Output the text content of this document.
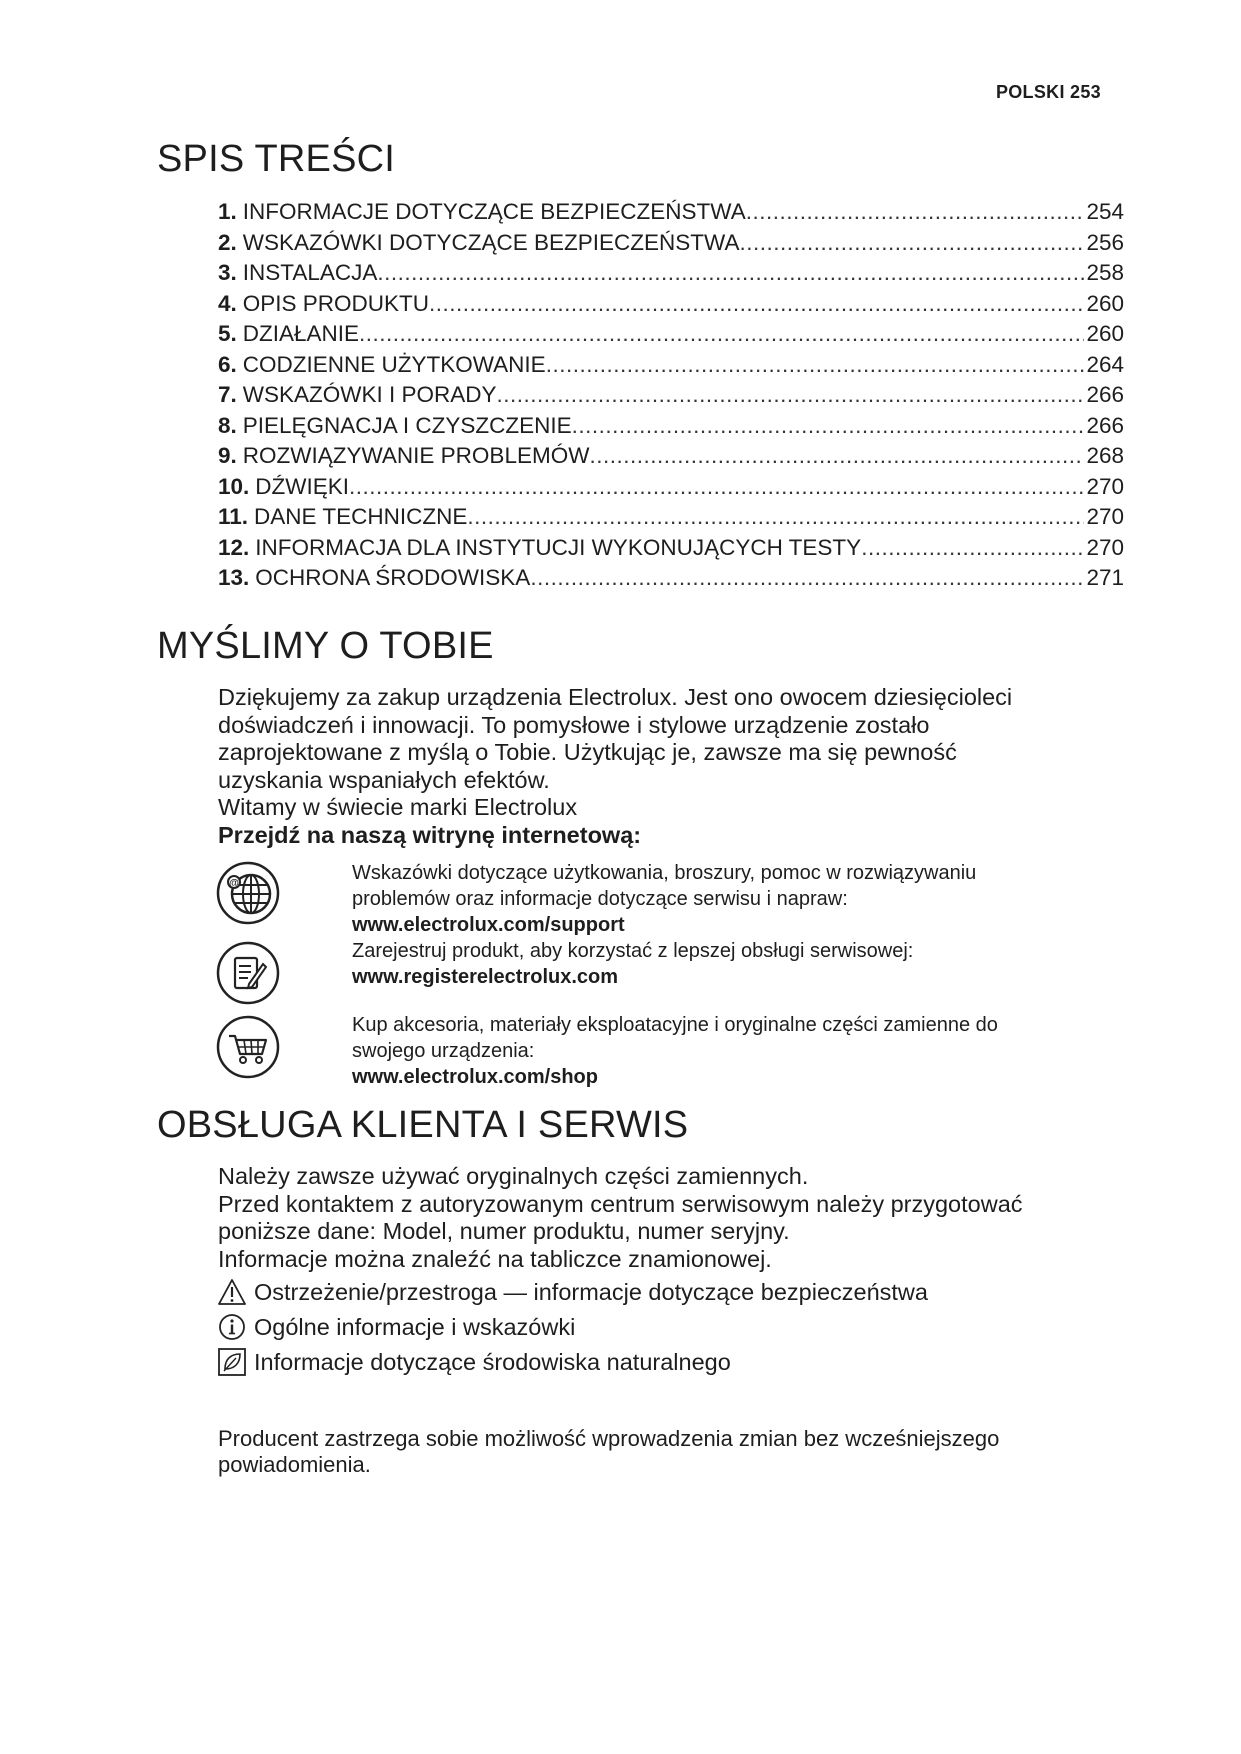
POLSKI 253
SPIS TREŚCI
1. INFORMACJE DOTYCZĄCE BEZPIECZEŃSTWA .....	254
2. WSKAZÓWKI DOTYCZĄCE BEZPIECZEŃSTWA .....	256
3. INSTALACJA .....	258
4. OPIS PRODUKTU .....	260
5. DZIAŁANIE .....	260
6. CODZIENNE UŻYTKOWANIE .....	264
7. WSKAZÓWKI I PORADY .....	266
8. PIELĘGNACJA I CZYSZCZENIE .....	266
9. ROZWIĄZYWANIE PROBLEMÓW .....	268
10. DŹWIĘKI .....	270
11. DANE TECHNICZNE .....	270
12. INFORMACJA DLA INSTYTUCJI WYKONUJĄCYCH TESTY .....	270
13. OCHRONA ŚRODOWISKA .....	271
MYŚLIMY O TOBIE
Dziękujemy za zakup urządzenia Electrolux. Jest ono owocem dziesięcioleci
doświadczeń i innowacji. To pomysłowe i stylowe urządzenie zostało
zaprojektowane z myślą o Tobie. Użytkując je, zawsze ma się pewność
uzyskania wspaniałych efektów.
Witamy w świecie marki Electrolux
Przejdź na naszą witrynę internetową:
@	Wskazówki dotyczące użytkowania, broszury, pomoc w rozwiązywaniu
problemów oraz informacje dotyczące serwisu i napraw:
www.electrolux.com/support
Zarejestruj produkt, aby korzystać z lepszej obsługi serwisowej:
www.registerelectrolux.com
Kup akcesoria, materiały eksploatacyjne i oryginalne części zamienne do
swojego urządzenia:
www.electrolux.com/shop
OBSŁUGA KLIENTA I SERWIS
Należy zawsze używać oryginalnych części zamiennych.
Przed kontaktem z autoryzowanym centrum serwisowym należy przygotować
poniższe dane: Model, numer produktu, numer seryjny.
Informacje można znaleźć na tabliczce znamionowej.
Ostrzeżenie/przestroga — informacje dotyczące bezpieczeństwa
Ogólne informacje i wskazówki
Informacje dotyczące środowiska naturalnego
Producent zastrzega sobie możliwość wprowadzenia zmian bez wcześniejszego
powiadomienia.
